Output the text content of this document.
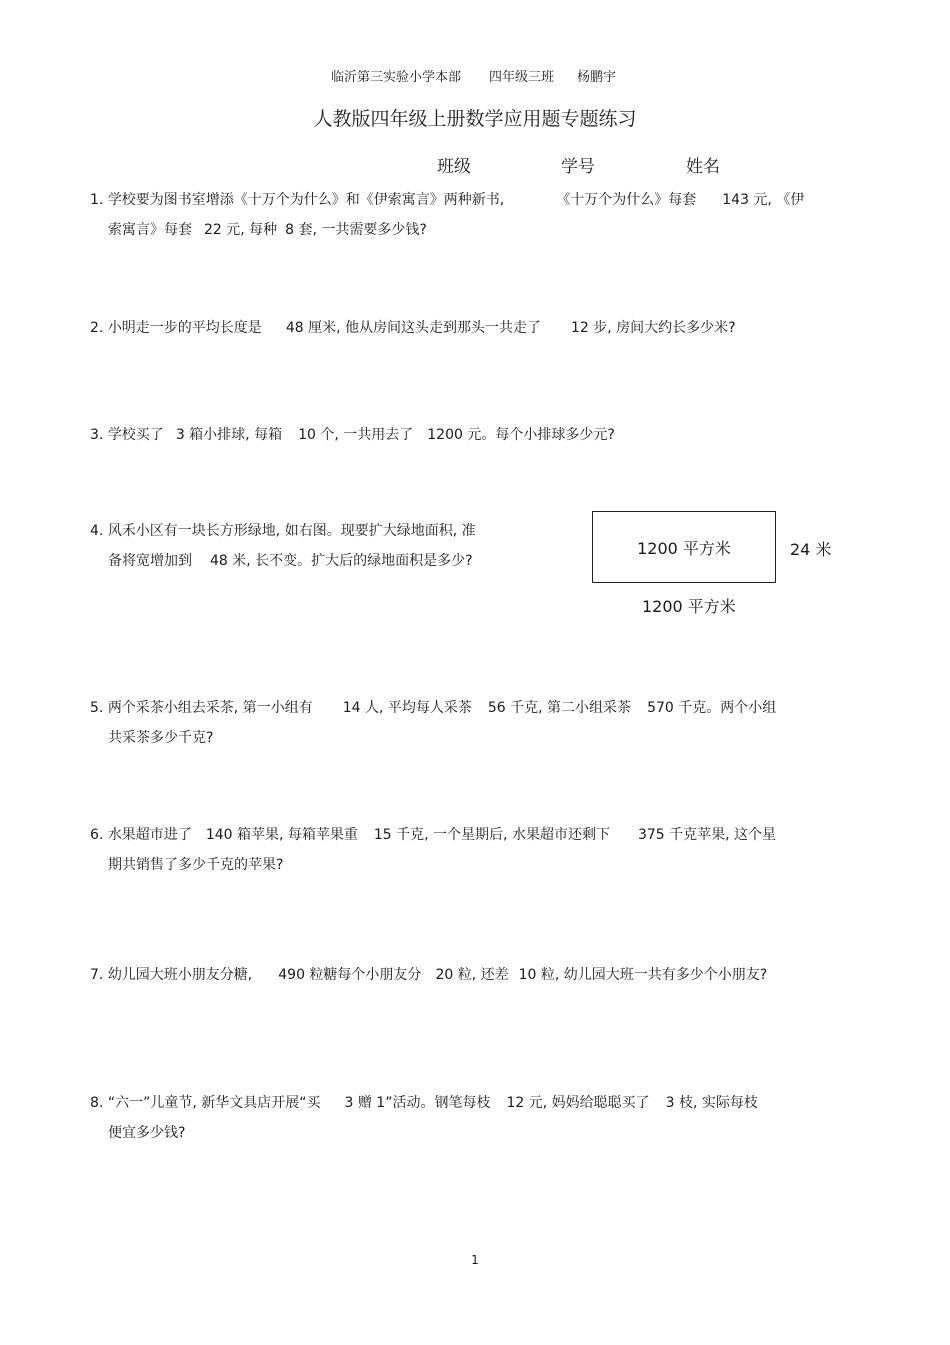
临沂第三实验小学本部 四年级三班 杨鹏宇
人教版四年级上册数学应用题专题练习
班级	学号	姓名
1. 学校要为图书室增添《十万个为什么》和《伊索寓言》两种新书,	《十万个为什么》每套 143 元, 《伊
索寓言》每套 22 元, 每种 8 套, 一共需要多少钱?
2. 小明走一步的平均长度是 48 厘米, 他从房间这头走到那头一共走了 12 步, 房间大约长多少米?
3. 学校买了 3 箱小排球, 每箱 10 个, 一共用去了 1200 元。每个小排球多少元?
4. 风禾小区有一块长方形绿地, 如右图。现要扩大绿地面积, 准
备将宽增加到 48 米, 长不变。扩大后的绿地面积是多少?
1200 平方米	24 米
1200 平方米
5. 两个采茶小组去采茶, 第一小组有 14 人, 平均每人采茶 56 千克, 第二小组采茶 570 千克。两个小组
共采茶多少千克?
6. 水果超市进了 140 箱苹果, 每箱苹果重 15 千克, 一个星期后, 水果超市还剩下 375 千克苹果, 这个星
期共销售了多少千克的苹果?
7. 幼儿园大班小朋友分糖, 490 粒糖每个小朋友分 20 粒, 还差 10 粒, 幼儿园大班一共有多少个小朋友?
8. “六一”儿童节, 新华文具店开展“买 3 赠 1”活动。钢笔每枝 12 元, 妈妈给聪聪买了 3 枝, 实际每枝
便宜多少钱?
1
